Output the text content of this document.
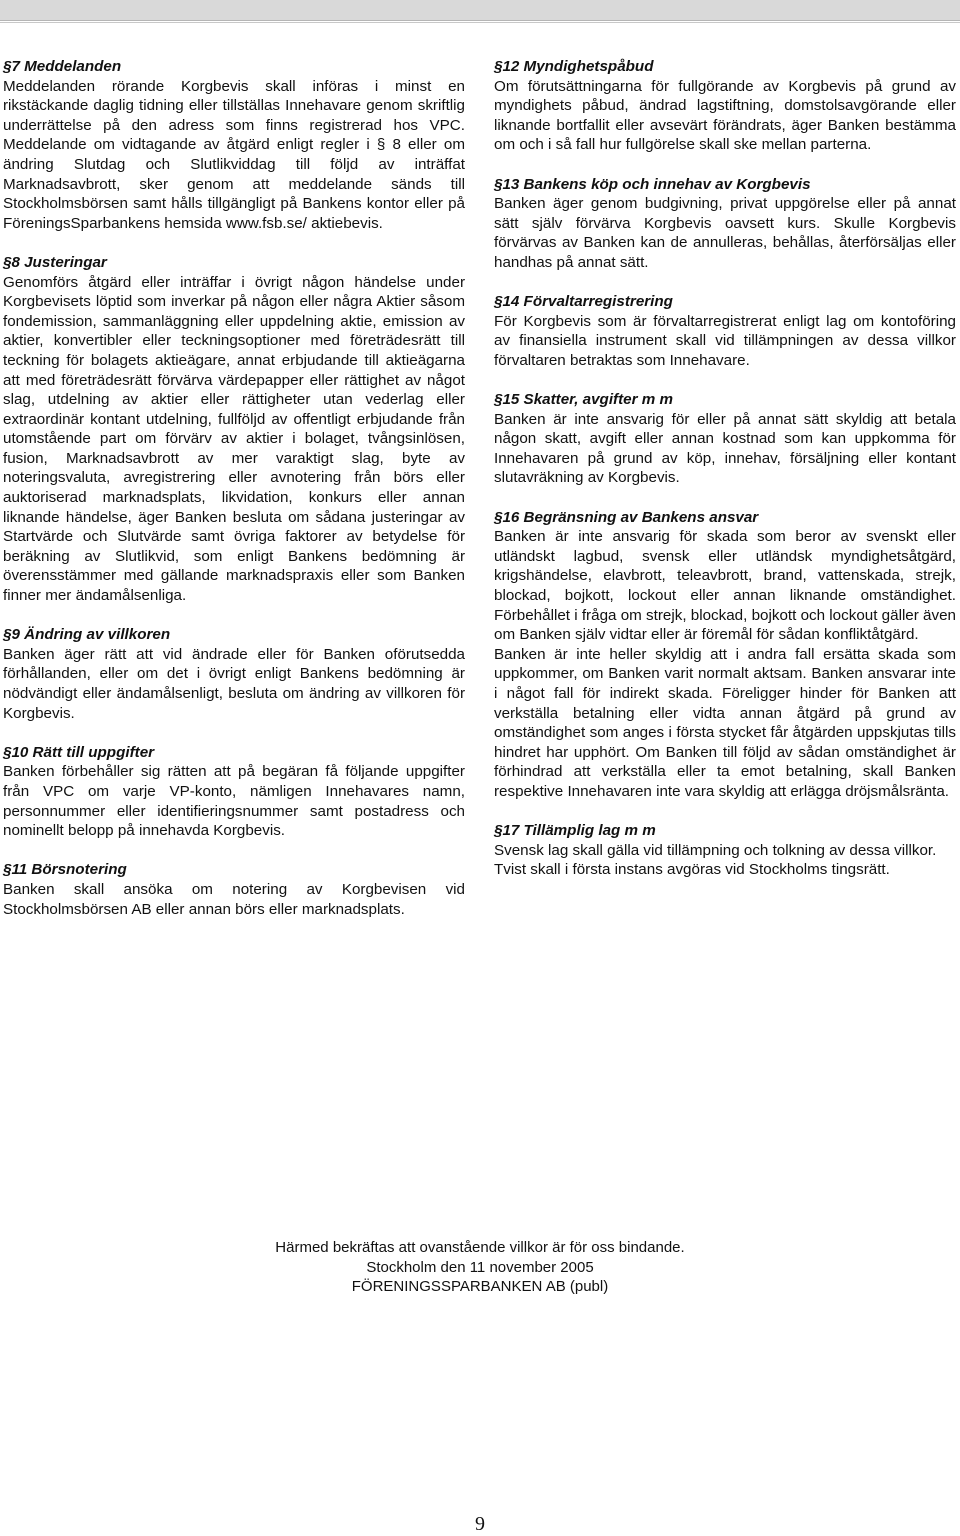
§7 Meddelanden
Meddelanden rörande Korgbevis skall införas i minst en rikstäckande daglig tidning eller tillställas Innehavare genom skriftlig underrättelse på den adress som finns registrerad hos VPC. Meddelande om vidtagande av åtgärd enligt regler i § 8 eller om ändring Slutdag och Slutlikviddag till följd av inträffat Marknadsavbrott, sker genom att meddelande sänds till Stockholmsbörsen samt hålls tillgängligt på Bankens kontor eller på FöreningsSparbankens hemsida www.fsb.se/ aktiebevis.
§8 Justeringar
Genomförs åtgärd eller inträffar i övrigt någon händelse under Korgbevisets löptid som inverkar på någon eller några Aktier såsom fondemission, sammanläggning eller uppdelning aktie, emission av aktier, konvertibler eller teckningsoptioner med företrädesrätt till teckning för bolagets aktieägare, annat erbjudande till aktieägarna att med företrädesrätt förvärva värdepapper eller rättighet av något slag, utdelning av aktier eller rättigheter utan vederlag eller extraordinär kontant utdelning, fullföljd av offentligt erbjudande från utomstående part om förvärv av aktier i bolaget, tvångsinlösen, fusion, Marknadsavbrott av mer varaktigt slag, byte av noteringsvaluta, avregistrering eller avnotering från börs eller auktoriserad marknadsplats, likvidation, konkurs eller annan liknande händelse, äger Banken besluta om sådana justeringar av Startvärde och Slutvärde samt övriga faktorer av betydelse för beräkning av Slutlikvid, som enligt Bankens bedömning är överensstämmer med gällande marknadspraxis eller som Banken finner mer ändamålsenliga.
§9 Ändring av villkoren
Banken äger rätt att vid ändrade eller för Banken oförutsedda förhållanden, eller om det i övrigt enligt Bankens bedömning är nödvändigt eller ändamålsenligt, besluta om ändring av villkoren för Korgbevis.
§10 Rätt till uppgifter
Banken förbehåller sig rätten att på begäran få följande uppgifter från VPC om varje VP-konto, nämligen Innehavares namn, personnummer eller identifieringsnummer samt postadress och nominellt belopp på innehavda Korgbevis.
§11 Börsnotering
Banken skall ansöka om notering av Korgbevisen vid Stockholmsbörsen AB eller annan börs eller marknadsplats.
§12 Myndighetspåbud
Om förutsättningarna för fullgörande av Korgbevis på grund av myndighets påbud, ändrad lagstiftning, domstolsavgörande eller liknande bortfallit eller avsevärt förändrats, äger Banken bestämma om och i så fall hur fullgörelse skall ske mellan parterna.
§13 Bankens köp och innehav av Korgbevis
Banken äger genom budgivning, privat uppgörelse eller på annat sätt själv förvärva Korgbevis oavsett kurs. Skulle Korgbevis förvärvas av Banken kan de annulleras, behållas, återförsäljas eller handhas på annat sätt.
§14 Förvaltarregistrering
För Korgbevis som är förvaltarregistrerat enligt lag om kontoföring av finansiella instrument skall vid tillämpningen av dessa villkor förvaltaren betraktas som Innehavare.
§15 Skatter, avgifter m m
Banken är inte ansvarig för eller på annat sätt skyldig att betala någon skatt, avgift eller annan kostnad som kan uppkomma för Innehavaren på grund av köp, innehav, försäljning eller kontant slutavräkning av Korgbevis.
§16 Begränsning av Bankens ansvar
Banken är inte ansvarig för skada som beror av svenskt eller utländskt lagbud, svensk eller utländsk myndighetsåtgärd, krigshändelse, elavbrott, teleavbrott, brand, vattenskada, strejk, blockad, bojkott, lockout eller annan liknande omständighet. Förbehållet i fråga om strejk, blockad, bojkott och lockout gäller även om Banken själv vidtar eller är föremål för sådan konfliktåtgärd.
Banken är inte heller skyldig att i andra fall ersätta skada som uppkommer, om Banken varit normalt aktsam. Banken ansvarar inte i något fall för indirekt skada. Föreligger hinder för Banken att verkställa betalning eller vidta annan åtgärd på grund av omständighet som anges i första stycket får åtgärden uppskjutas tills hindret har upphört. Om Banken till följd av sådan omständighet är förhindrad att verkställa eller ta emot betalning, skall Banken respektive Innehavaren inte vara skyldig att erlägga dröjsmålsränta.
§17 Tillämplig lag m m
Svensk lag skall gälla vid tillämpning och tolkning av dessa villkor.
Tvist skall i första instans avgöras vid Stockholms tingsrätt.
Härmed bekräftas att ovanstående villkor är för oss bindande.
Stockholm den 11 november 2005
FÖRENINGSSPARBANKEN AB (publ)
9
